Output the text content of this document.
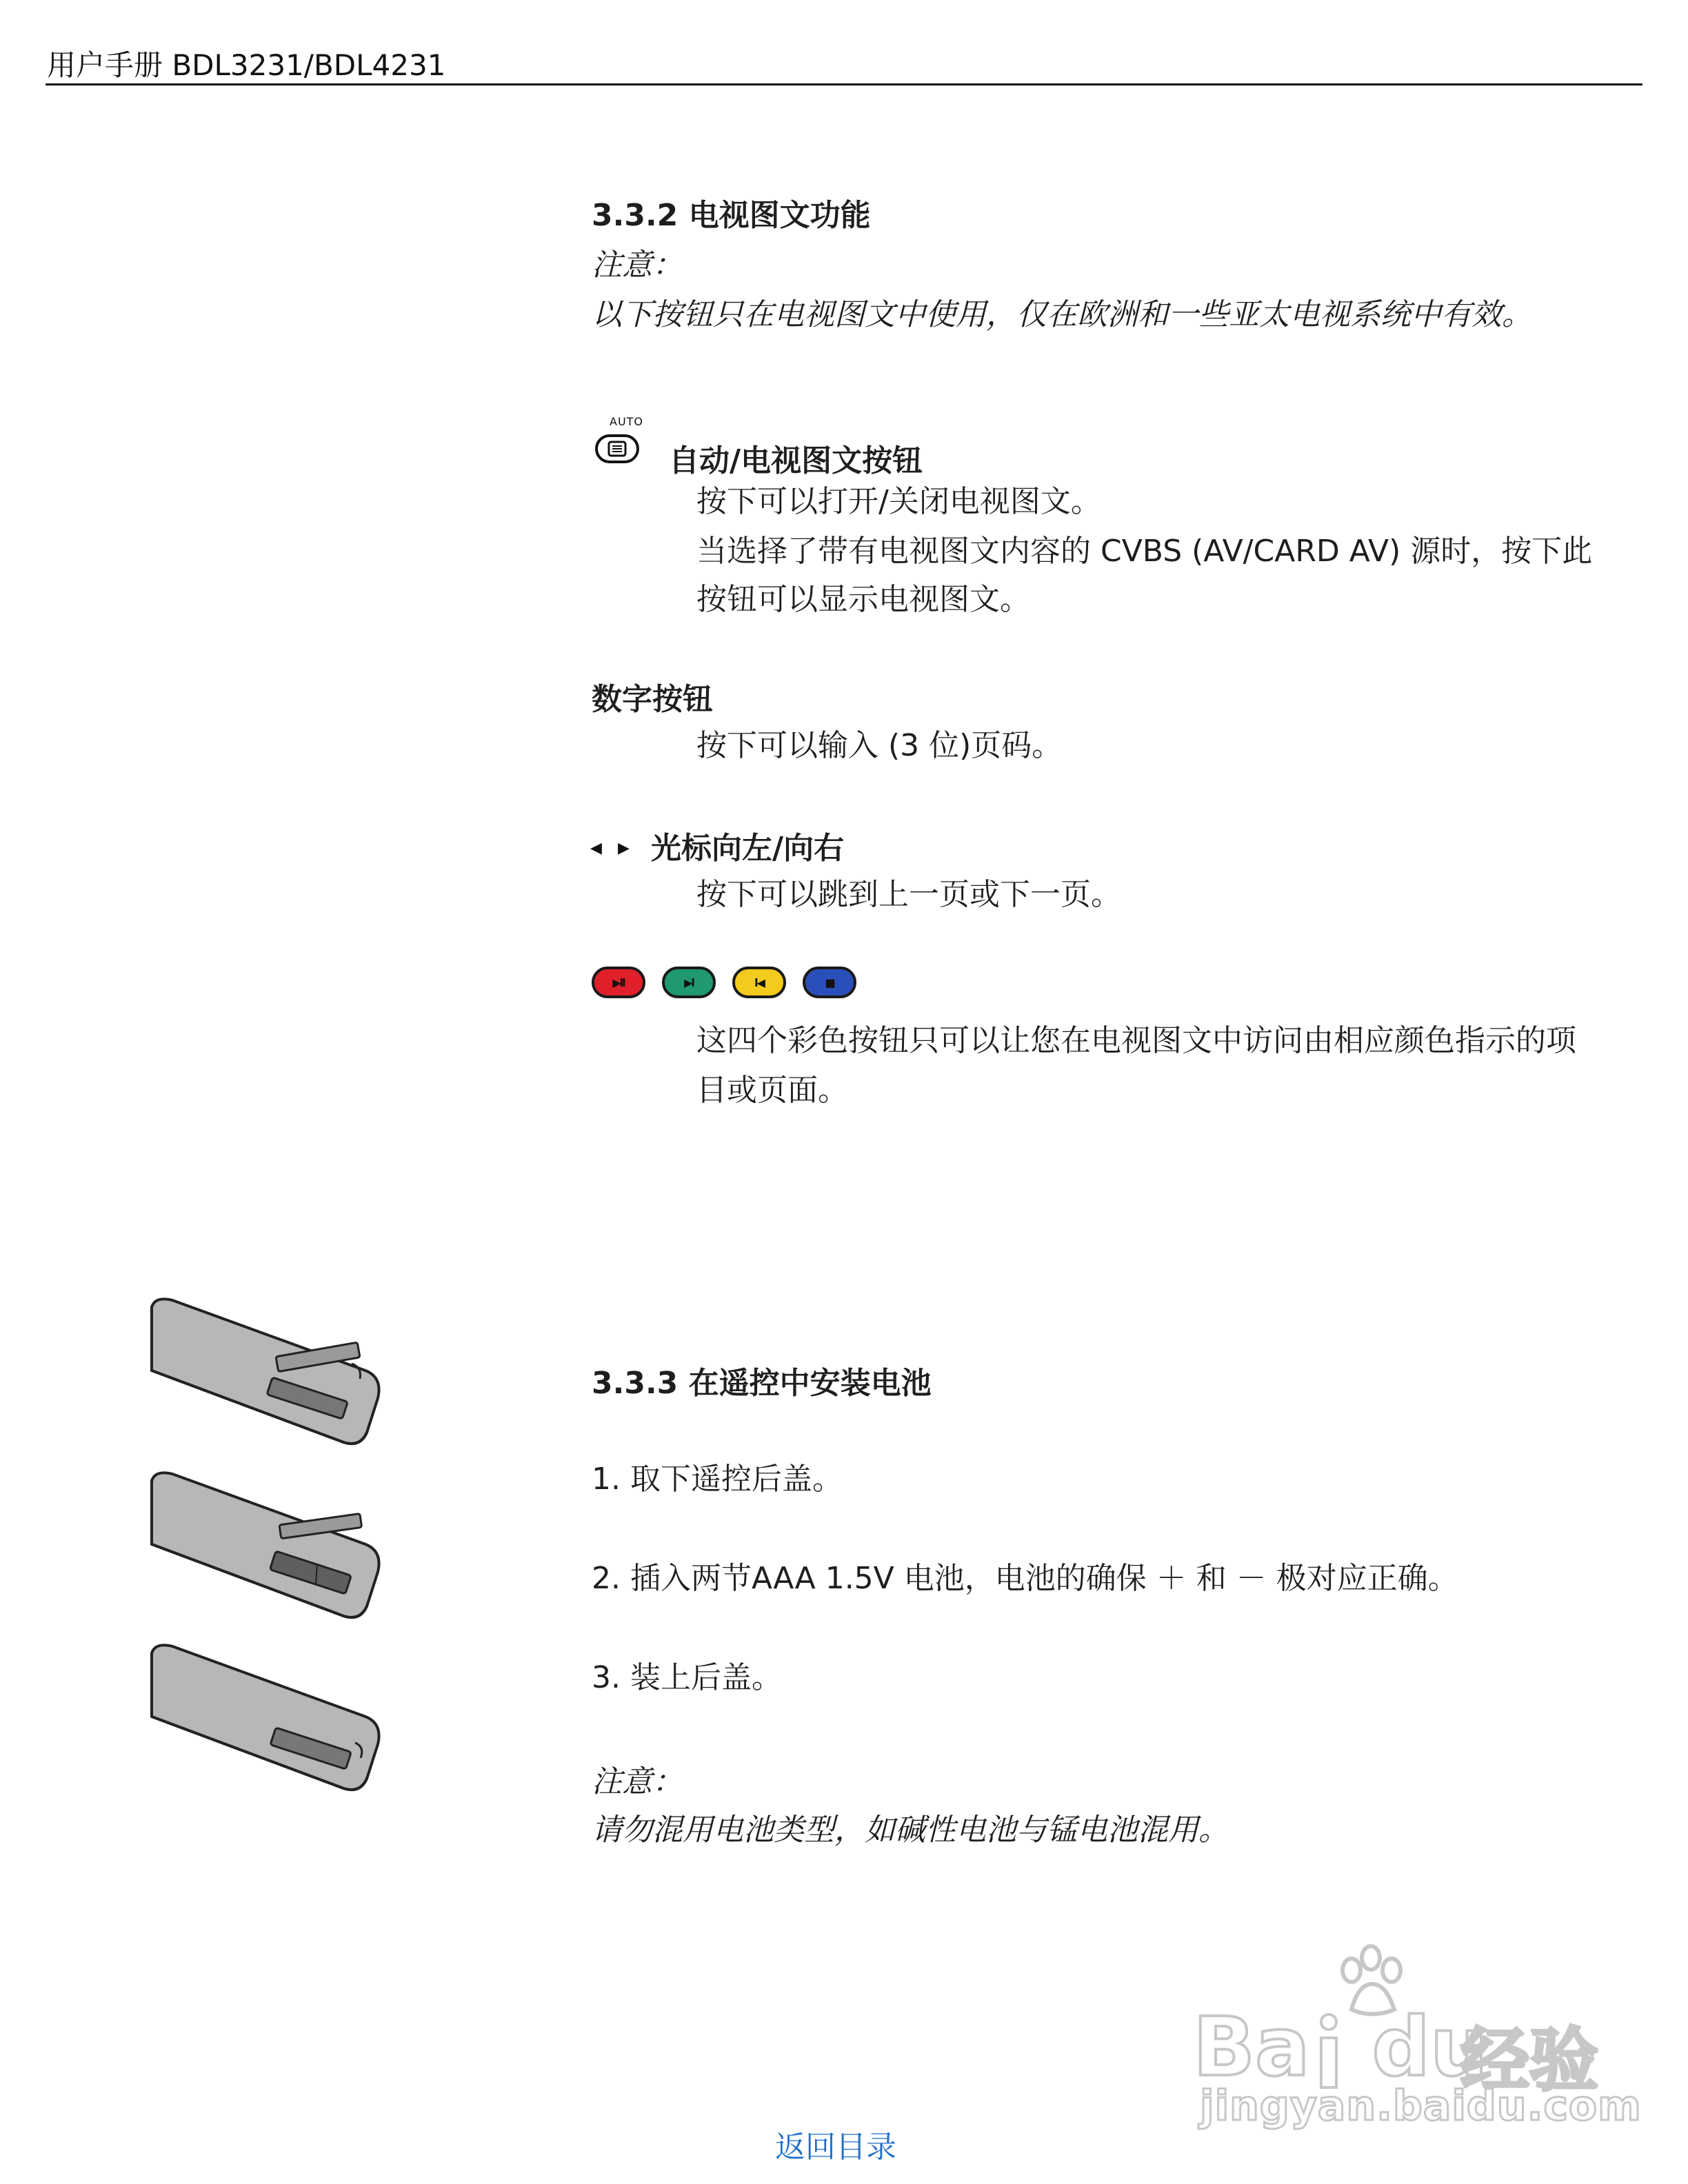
用户手册 BDL3231/BDL4231
3.3.2 电视图文功能
注意：
以下按钮只在电视图文中使用，仅在欧洲和一些亚太电视系统中有效。
AUTO
自动/电视图文按钮
按下可以打开/关闭电视图文。
当选择了带有电视图文内容的 CVBS (AV/CARD AV) 源时，按下此
按钮可以显示电视图文。
数字按钮
按下可以输入 (3 位)页码。
◀ ▶ 光标向左/向右
按下可以跳到上一页或下一页。
▶ll	▶l	l◀	■
这四个彩色按钮只可以让您在电视图文中访问由相应颜色指示的项
目或页面。
3.3.3 在遥控中安装电池
1. 取下遥控后盖。
2. 插入两节AAA 1.5V 电池，电池的确保 ＋ 和 － 极对应正确。
3. 装上后盖。
注意：
请勿混用电池类型，如碱性电池与锰电池混用。
Ba du
经验
jingyan.baidu.com
返回目录
